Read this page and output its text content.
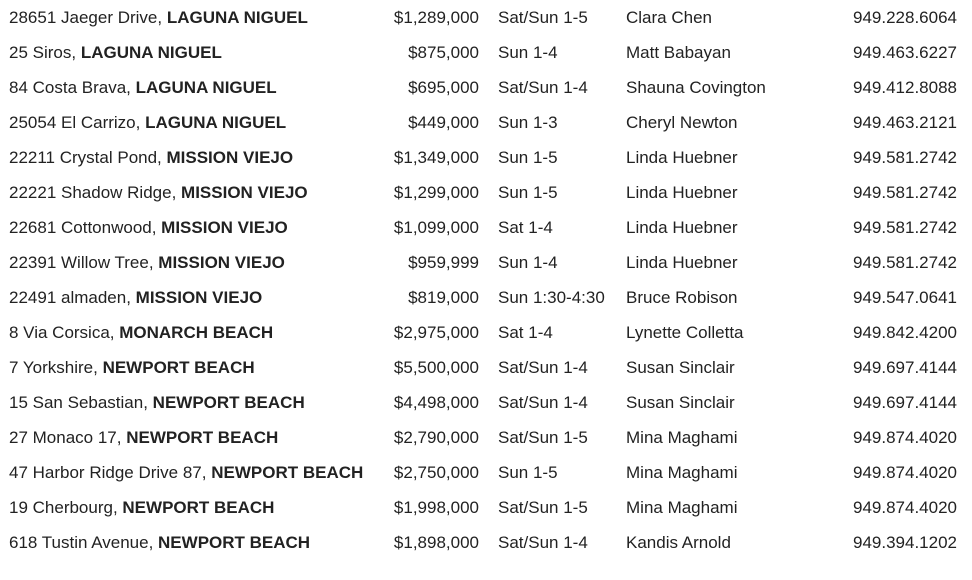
28651 Jaeger Drive, LAGUNA NIGUEL	$1,289,000 Sat/Sun 1-5 Clara Chen	949.228.6064
25 Siros, LAGUNA NIGUEL	$875,000 Sun 1-4	Matt Babayan	949.463.6227
84 Costa Brava, LAGUNA NIGUEL	$695,000 Sat/Sun 1-4 Shauna Covington	949.412.8088
25054 El Carrizo, LAGUNA NIGUEL	$449,000 Sun 1-3	Cheryl Newton	949.463.2121
22211 Crystal Pond, MISSION VIEJO	$1,349,000 Sun 1-5	Linda Huebner	949.581.2742
22221 Shadow Ridge, MISSION VIEJO	$1,299,000 Sun 1-5	Linda Huebner	949.581.2742
22681 Cottonwood, MISSION VIEJO	$1,099,000 Sat 1-4	Linda Huebner	949.581.2742
22391 Willow Tree, MISSION VIEJO	$959,999 Sun 1-4	Linda Huebner	949.581.2742
22491 almaden, MISSION VIEJO	$819,000 Sun 1:30-4:30 Bruce Robison	949.547.0641
8 Via Corsica, MONARCH BEACH	$2,975,000 Sat 1-4	Lynette Colletta	949.842.4200
7 Yorkshire, NEWPORT BEACH	$5,500,000 Sat/Sun 1-4 Susan Sinclair	949.697.4144
15 San Sebastian, NEWPORT BEACH	$4,498,000 Sat/Sun 1-4 Susan Sinclair	949.697.4144
27 Monaco 17, NEWPORT BEACH	$2,790,000 Sat/Sun 1-5 Mina Maghami	949.874.4020
47 Harbor Ridge Drive 87, NEWPORT BEACH	$2,750,000 Sun 1-5	Mina Maghami	949.874.4020
19 Cherbourg, NEWPORT BEACH	$1,998,000 Sat/Sun 1-5 Mina Maghami	949.874.4020
618 Tustin Avenue, NEWPORT BEACH	$1,898,000 Sat/Sun 1-4 Kandis Arnold	949.394.1202
